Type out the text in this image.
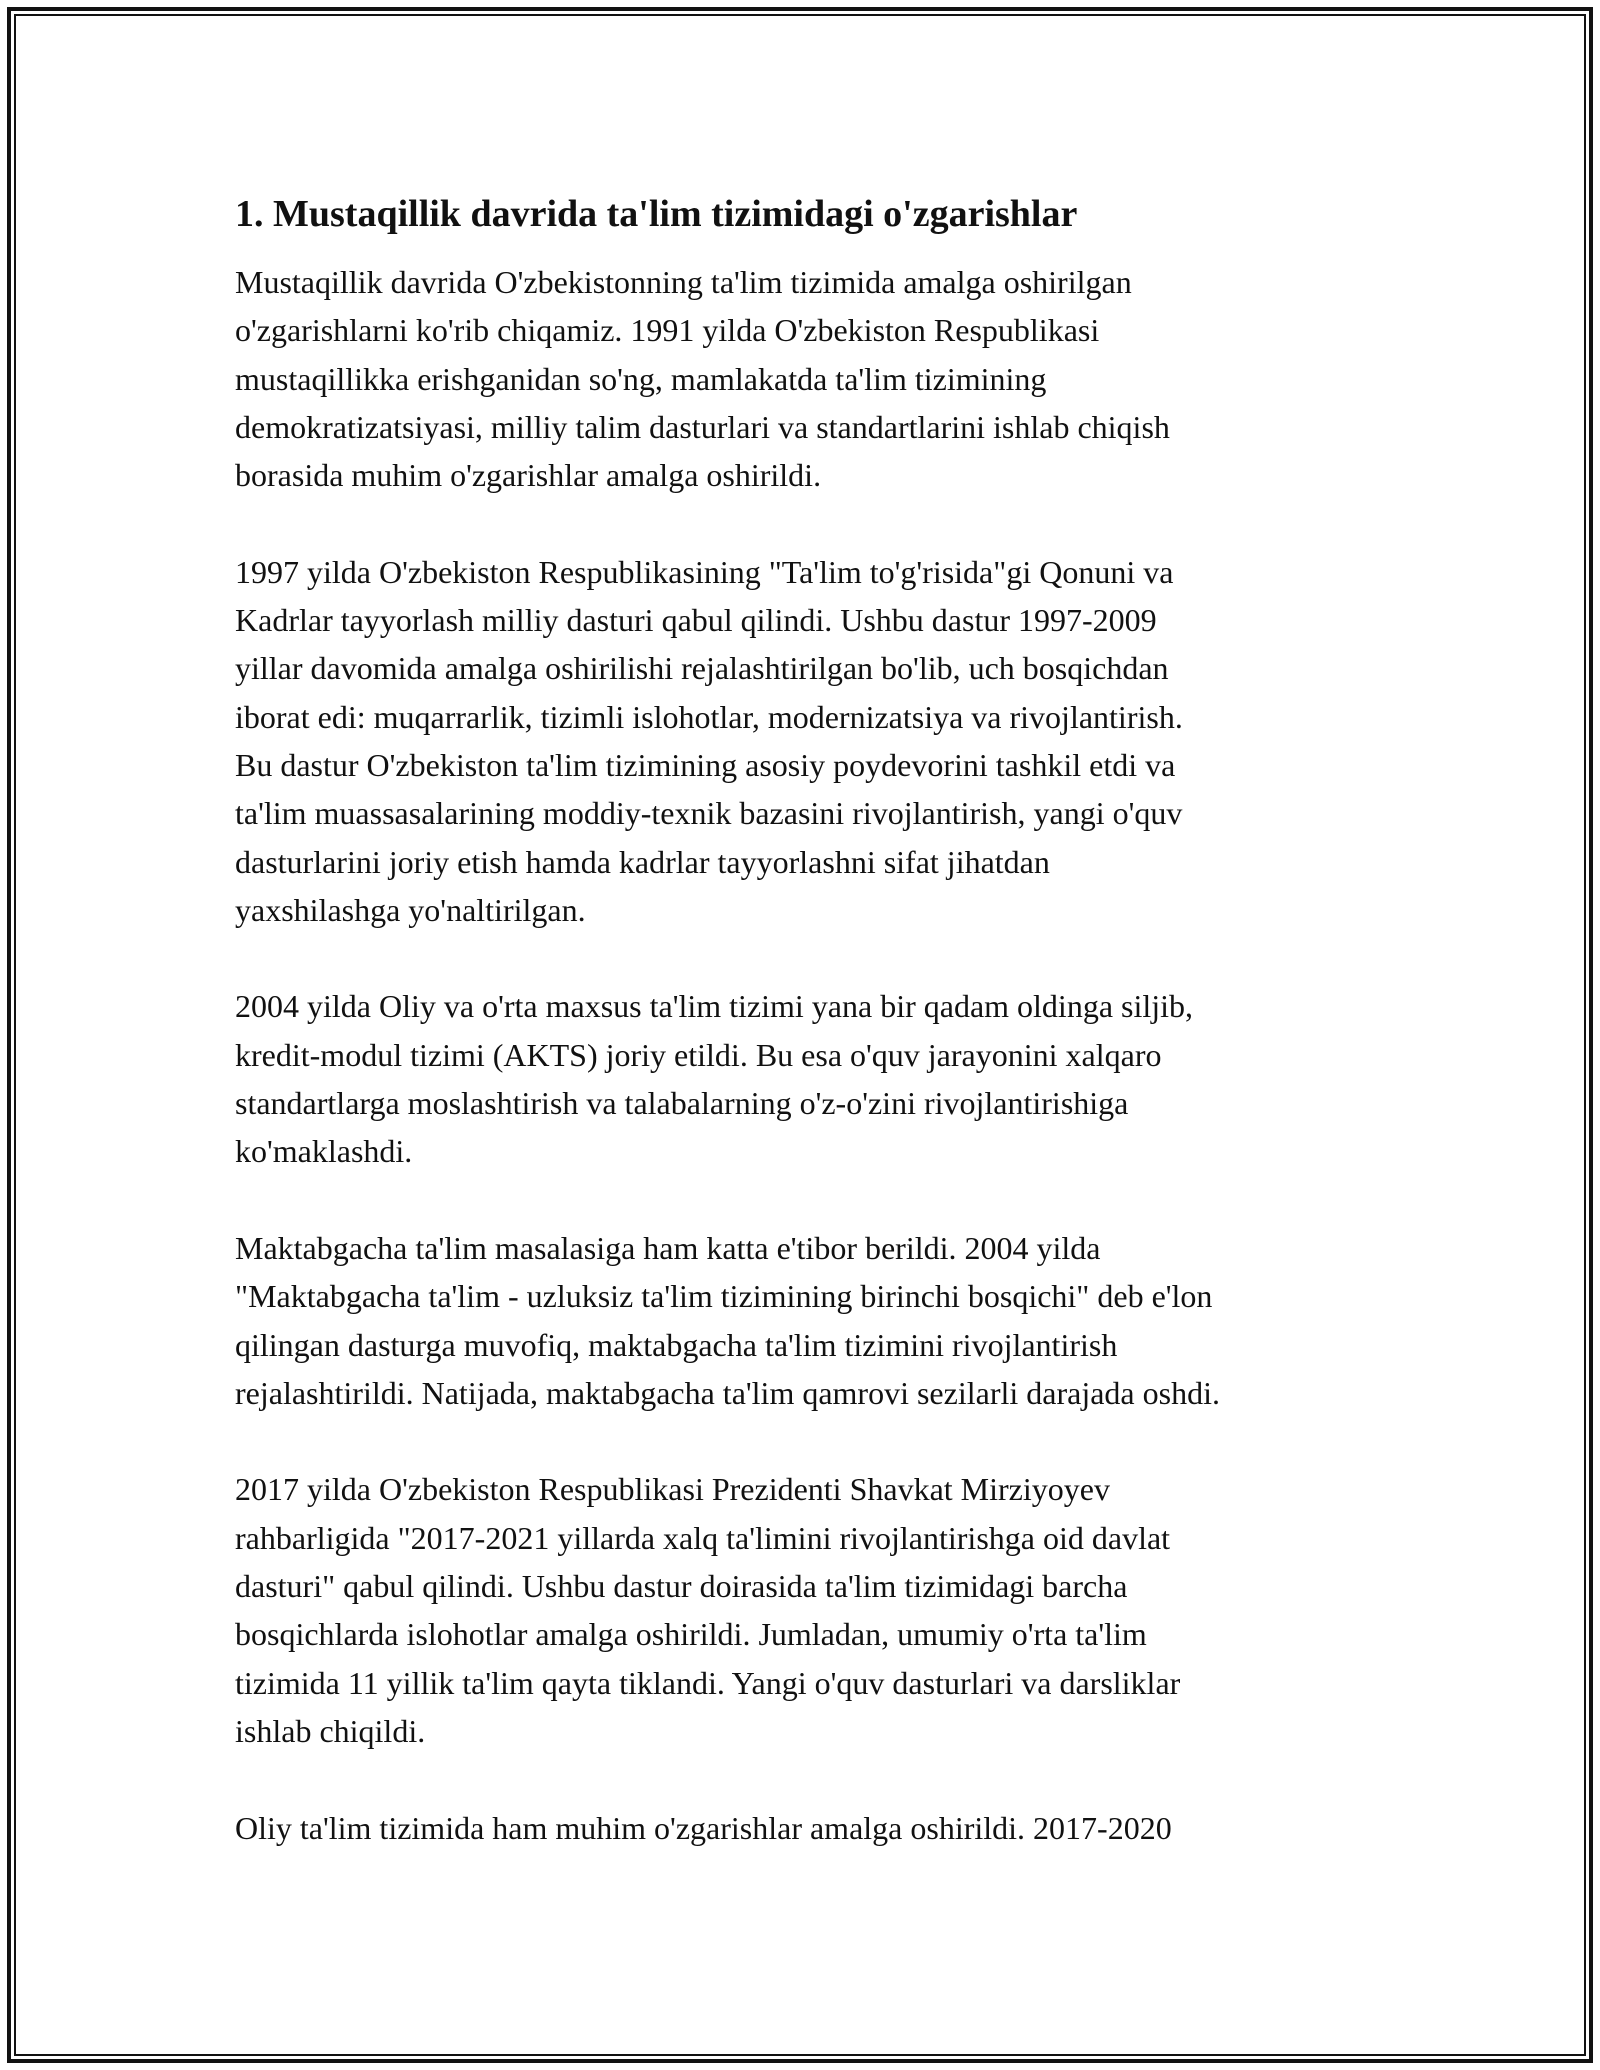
1. Mustaqillik davrida ta'lim tizimidagi o'zgarishlar

Mustaqillik davrida O'zbekistonning ta'lim tizimida amalga oshirilgan
o'zgarishlarni ko'rib chiqamiz. 1991 yilda O'zbekiston Respublikasi
mustaqillikka erishganidan so'ng, mamlakatda ta'lim tizimining
demokratizatsiyasi, milliy talim dasturlari va standartlarini ishlab chiqish
borasida muhim o'zgarishlar amalga oshirildi.

1997 yilda O'zbekiston Respublikasining "Ta'lim to'g'risida"gi Qonuni va
Kadrlar tayyorlash milliy dasturi qabul qilindi. Ushbu dastur 1997-2009
yillar davomida amalga oshirilishi rejalashtirilgan bo'lib, uch bosqichdan
iborat edi: muqarrarlik, tizimli islohotlar, modernizatsiya va rivojlantirish.
Bu dastur O'zbekiston ta'lim tizimining asosiy poydevorini tashkil etdi va
ta'lim muassasalarining moddiy-texnik bazasini rivojlantirish, yangi o'quv
dasturlarini joriy etish hamda kadrlar tayyorlashni sifat jihatdan
yaxshilashga yo'naltirilgan.

2004 yilda Oliy va o'rta maxsus ta'lim tizimi yana bir qadam oldinga siljib,
kredit-modul tizimi (AKTS) joriy etildi. Bu esa o'quv jarayonini xalqaro
standartlarga moslashtirish va talabalarning o'z-o'zini rivojlantirishiga
ko'maklashdi.

Maktabgacha ta'lim masalasiga ham katta e'tibor berildi. 2004 yilda
"Maktabgacha ta'lim - uzluksiz ta'lim tizimining birinchi bosqichi" deb e'lon
qilingan dasturga muvofiq, maktabgacha ta'lim tizimini rivojlantirish
rejalashtirildi. Natijada, maktabgacha ta'lim qamrovi sezilarli darajada oshdi.

2017 yilda O'zbekiston Respublikasi Prezidenti Shavkat Mirziyoyev
rahbarligida "2017-2021 yillarda xalq ta'limini rivojlantirishga oid davlat
dasturi" qabul qilindi. Ushbu dastur doirasida ta'lim tizimidagi barcha
bosqichlarda islohotlar amalga oshirildi. Jumladan, umumiy o'rta ta'lim
tizimida 11 yillik ta'lim qayta tiklandi. Yangi o'quv dasturlari va darsliklar
ishlab chiqildi.

Oliy ta'lim tizimida ham muhim o'zgarishlar amalga oshirildi. 2017-2020
